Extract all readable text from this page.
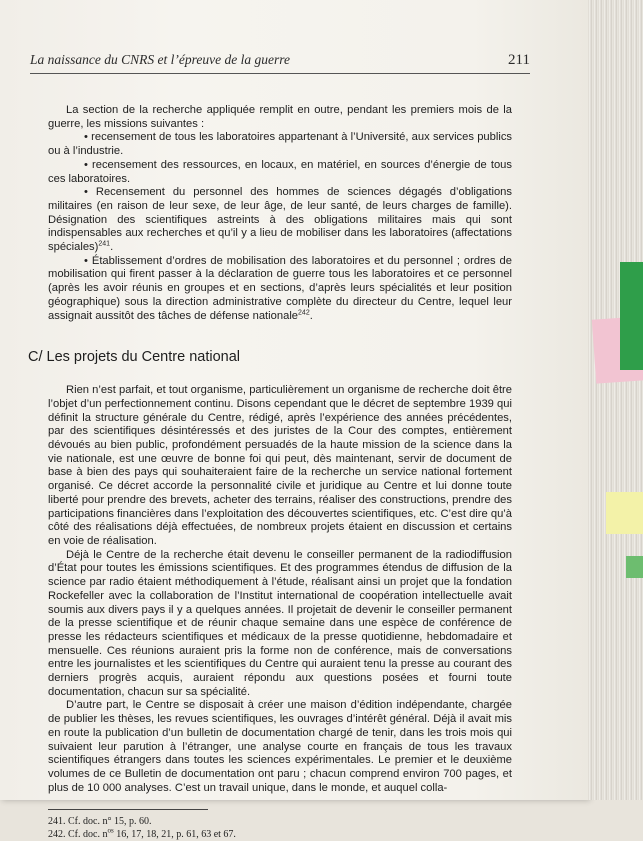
La naissance du CNRS et l’épreuve de la guerre	211

La section de la recherche appliquée remplit en outre, pendant les premiers mois de la guerre, les missions suivantes :

• recensement de tous les laboratoires appartenant à l’Université, aux services publics ou à l’industrie.

• recensement des ressources, en locaux, en matériel, en sources d’énergie de tous ces laboratoires.

• Recensement du personnel des hommes de sciences dégagés d’obligations militaires (en raison de leur sexe, de leur âge, de leur santé, de leurs charges de famille). Désignation des scientifiques astreints à des obligations militaires mais qui sont indispensables aux recherches et qu’il y a lieu de mobiliser dans les laboratoires (affectations spéciales)$^{241}$.

• Établissement d’ordres de mobilisation des laboratoires et du personnel ; ordres de mobilisation qui firent passer à la déclaration de guerre tous les laboratoires et ce personnel (après les avoir réunis en groupes et en sections, d’après leurs spécialités et leur position géographique) sous la direction administrative complète du directeur du Centre, lequel leur assignait aussitôt des tâches de défense nationale$^{242}$.

C/ Les projets du Centre national

Rien n’est parfait, et tout organisme, particulièrement un organisme de recherche doit être l’objet d’un perfectionnement continu. Disons cependant que le décret de septembre 1939 qui définit la structure générale du Centre, rédigé, après l’expérience des années précédentes, par des scientifiques désintéressés et des juristes de la Cour des comptes, entièrement dévoués au bien public, profondément persuadés de la haute mission de la science dans la vie nationale, est une œuvre de bonne foi qui peut, dès maintenant, servir de document de base à bien des pays qui souhaiteraient faire de la recherche un service national fortement organisé. Ce décret accorde la personnalité civile et juridique au Centre et lui donne toute liberté pour prendre des brevets, acheter des terrains, réaliser des constructions, prendre des participations financières dans l’exploitation des découvertes scientifiques, etc. C’est dire qu’à côté des réalisations déjà effectuées, de nombreux projets étaient en discussion et certains en voie de réalisation.

Déjà le Centre de la recherche était devenu le conseiller permanent de la radiodiffusion d’État pour toutes les émissions scientifiques. Et des programmes étendus de diffusion de la science par radio étaient méthodiquement à l’étude, réalisant ainsi un projet que la fondation Rockefeller avec la collaboration de l’Institut international de coopération intellectuelle avait soumis aux divers pays il y a quelques années. Il projetait de devenir le conseiller permanent de la presse scientifique et de réunir chaque semaine dans une espèce de conférence de presse les rédacteurs scientifiques et médicaux de la presse quotidienne, hebdomadaire et mensuelle. Ces réunions auraient pris la forme non de conférence, mais de conversations entre les journalistes et les scientifiques du Centre qui auraient tenu la presse au courant des derniers progrès acquis, auraient répondu aux questions posées et fourni toute documentation, chacun sur sa spécialité.

D’autre part, le Centre se disposait à créer une maison d’édition indépendante, chargée de publier les thèses, les revues scientifiques, les ouvrages d’intérêt général. Déjà il avait mis en route la publication d’un bulletin de documentation chargé de tenir, dans les trois mois qui suivaient leur parution à l’étranger, une analyse courte en français de tous les travaux scientifiques étrangers dans toutes les sciences expérimentales. Le premier et le deuxième volumes de ce Bulletin de documentation ont paru ; chacun comprend environ 700 pages, et plus de 10 000 analyses. C’est un travail unique, dans le monde, et auquel colla-

241. Cf. doc. n° 15, p. 60.
242. Cf. doc. $n^{os}$ 16, 17, 18, 21, p. 61, 63 et 67.
